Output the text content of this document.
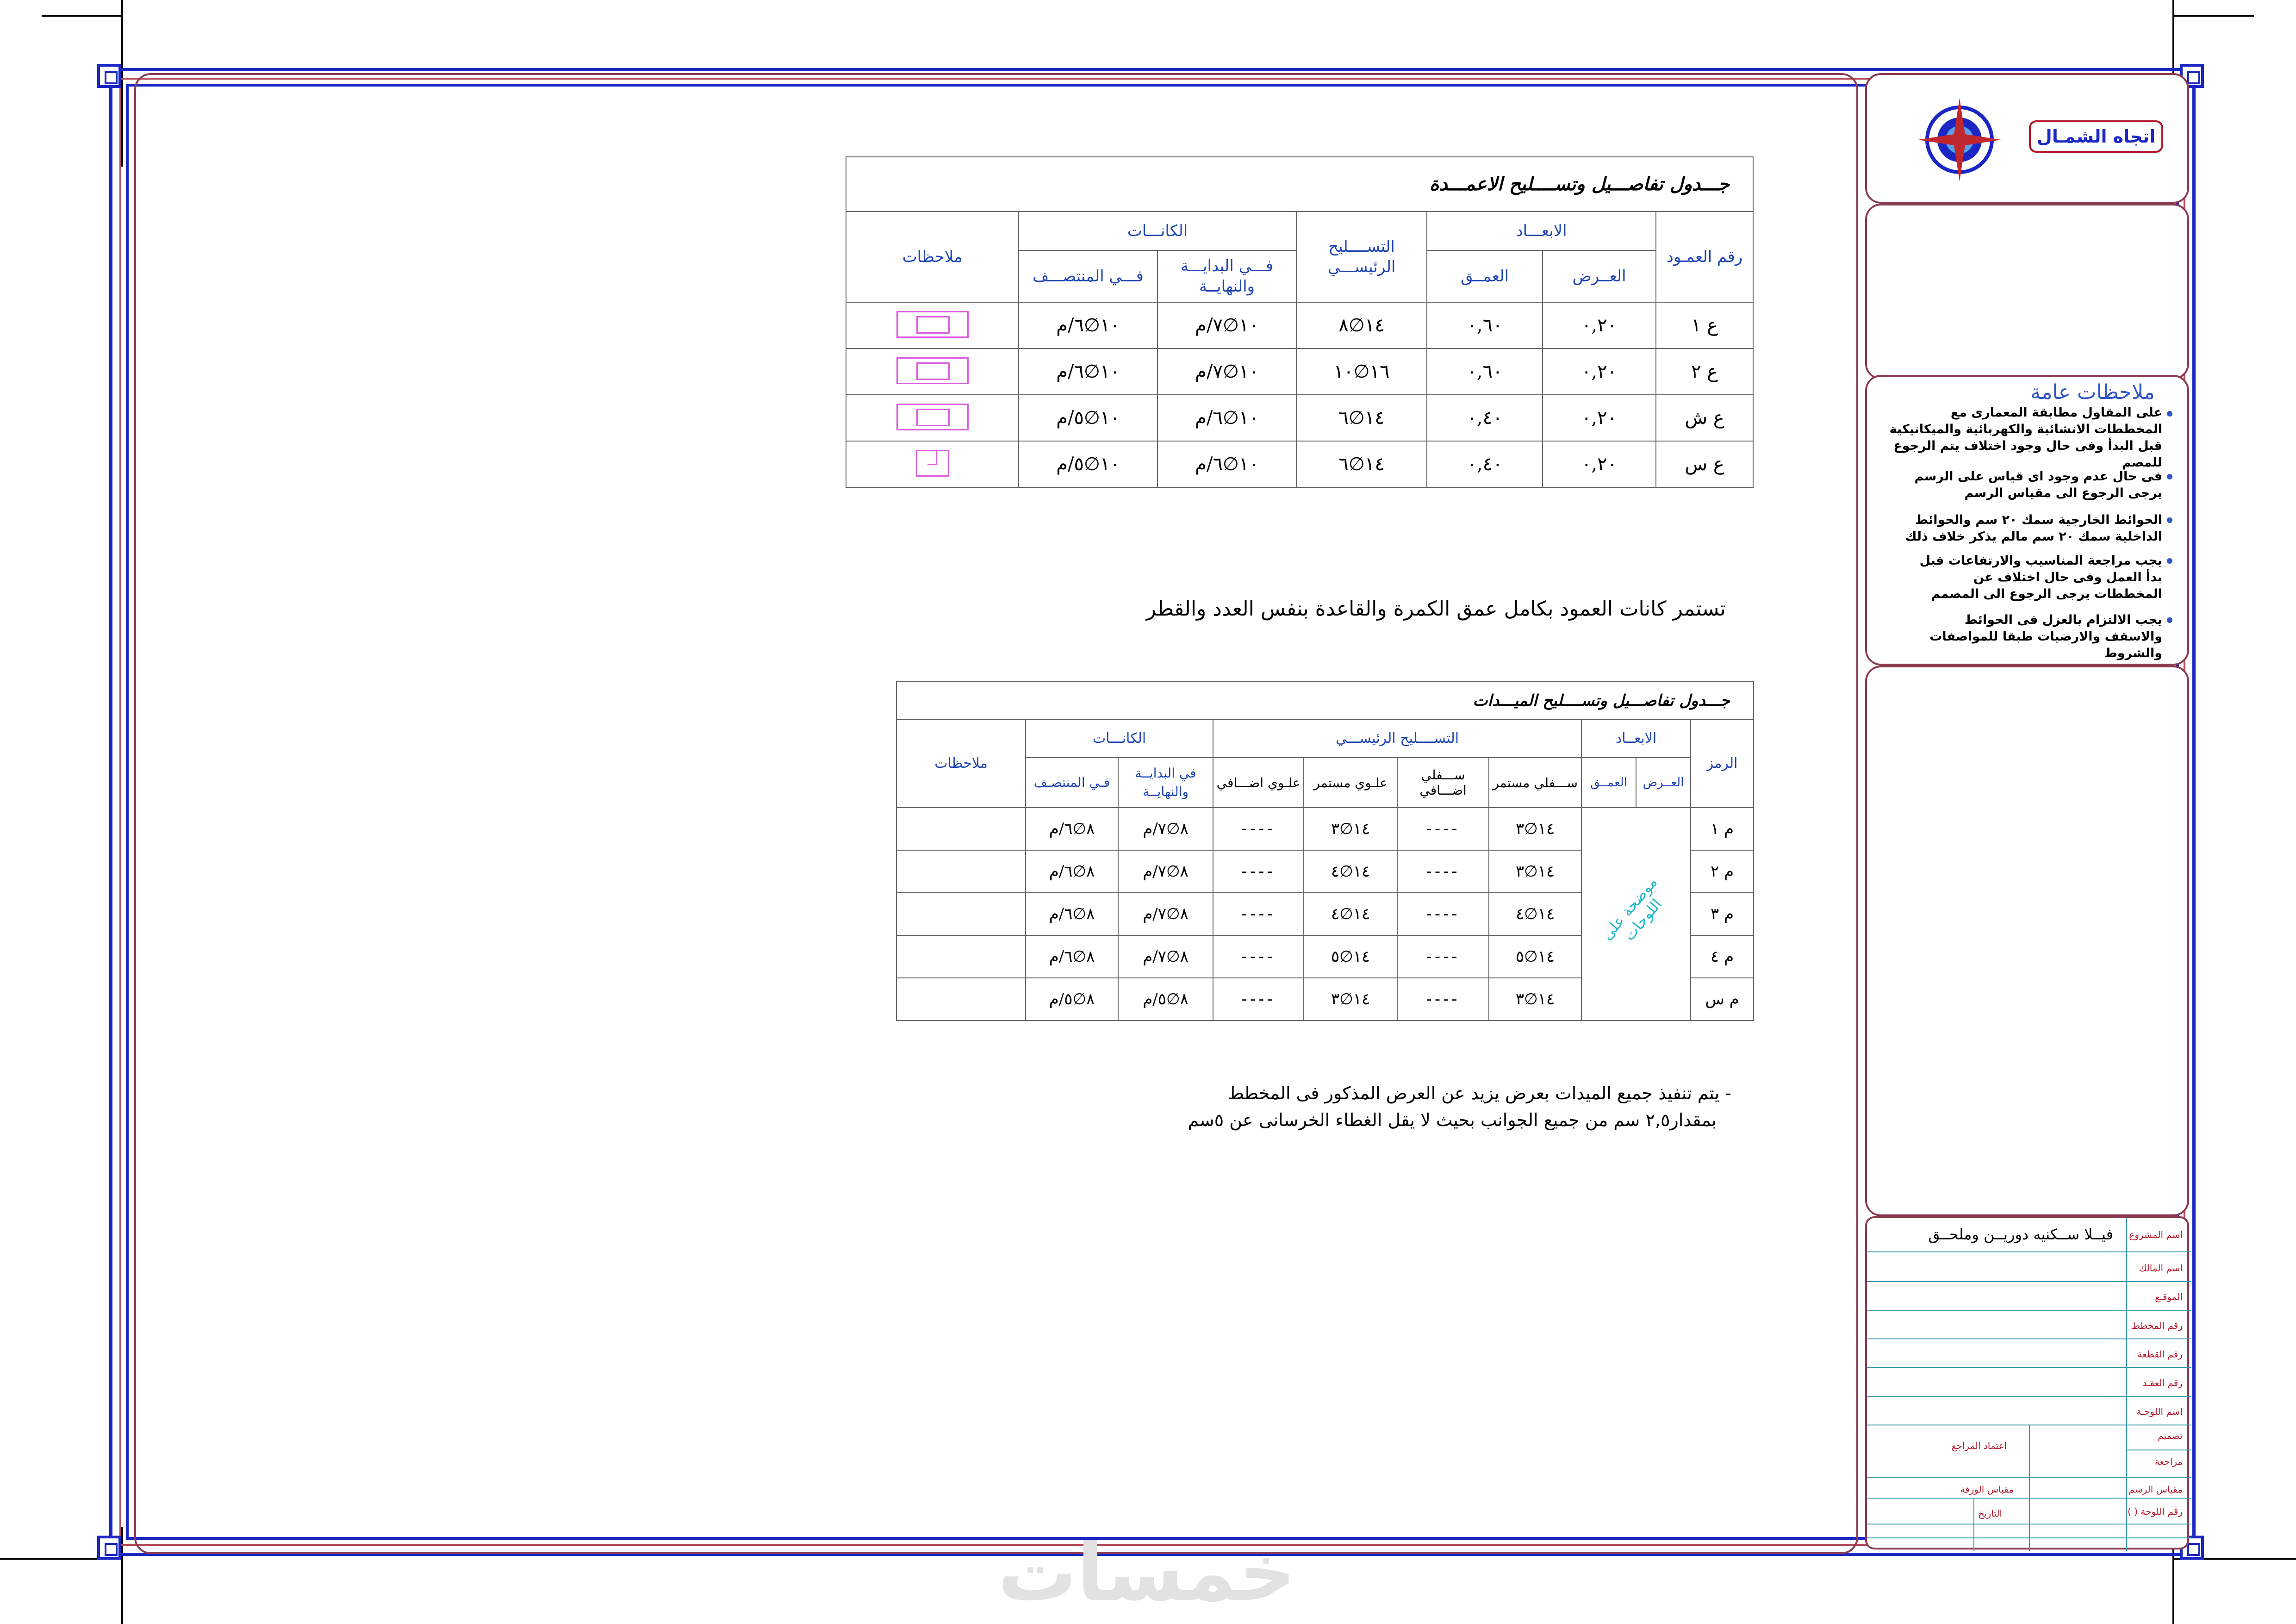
اتجاه الشمـال
ملاحظات عامة
على المقاول مطابقة المعمارى مع المخططات الانشائية والكهربائية والميكانيكية قبل البدأ وفى حال وجود اختلاف يتم الرجوع للمصم
فى حال عدم وجود اى قياس على الرسم يرجى الرجوع الى مقياس الرسم
الحوائط الخارجية سمك ٢٠ سم والحوائط الداخلية سمك ٢٠ سم مالم يذكر خلاف ذلك
يجب مراجعة المناسيب والارتفاعات قبل بدأ العمل وفى حال اختلاف عن المخططات يرجى الرجوع الى المصمم
يجب الالتزام بالعزل فى الحوائط والاسقف والارضيات طبقا للمواصفات والشروط
اسم المشروع
فيــلا ســكنيه دوريــن وملحــق
اسم المالك
الموقـع
رقم المخطط
رقم القطعة
رقم العقـد
اسم اللوحـة
تصميم
مراجعة
اعتماد المراجع
مقياس الرسم
مقياس الورقة
رقم اللوحة ( )
التاريخ
جـــدول تفاصـــيل وتســــليح الاعمـــدة						
رقم العمـود	الابعـــاد		التســــليح الرئيســـي	الكانـــات		ملاحظات
	العــرض	العمــق		فـــي البدايـــة والنهايــة	فـــي المنتصـــف	
ع ١	٠,٢٠	٠,٦٠	١٤∅٨	١٠∅٧/م	١٠∅٦/م	
ع ٢	٠,٢٠	٠,٦٠	١٦∅١٠	١٠∅٧/م	١٠∅٦/م	
ع ش	٠,٢٠	٠,٤٠	١٤∅٦	١٠∅٦/م	١٠∅٥/م	
ع س	٠,٢٠	٠,٤٠	١٤∅٦	١٠∅٦/م	١٠∅٥/م	
تستمر كانات العمود بكامل عمق الكمرة والقاعدة بنفس العدد والقطر
جـــدول تفاصـــيل وتســــليح الميـــدات									
الرمز	الابعــاد		التســــليح الرئيســـي				الكانـــات		ملاحظات
	العــرض	العمــق	ســـفلي مستمر	ســـفلي اضـــافي	علـوي مستمر	علـوي اضـــافي	في البدايــة والنهايــة	فـي المنتصـف	
م ١	موضحة على اللوحات		١٤∅٣	----	١٤∅٣	----	٨∅٧/م	٨∅٦/م	
م ٢			١٤∅٣	----	١٤∅٤	----	٨∅٧/م	٨∅٦/م	
م ٣			١٤∅٤	----	١٤∅٤	----	٨∅٧/م	٨∅٦/م	
م ٤			١٤∅٥	----	١٤∅٥	----	٨∅٧/م	٨∅٦/م	
م س			١٤∅٣	----	١٤∅٣	----	٨∅٥/م	٨∅٥/م	
- يتم تنفيذ جميع الميدات بعرض يزيد عن العرض المذكور فى المخطط
بمقدار٢,٥ سم من جميع الجوانب بحيث لا يقل الغطاء الخرسانى عن ٥سم
خمسات
